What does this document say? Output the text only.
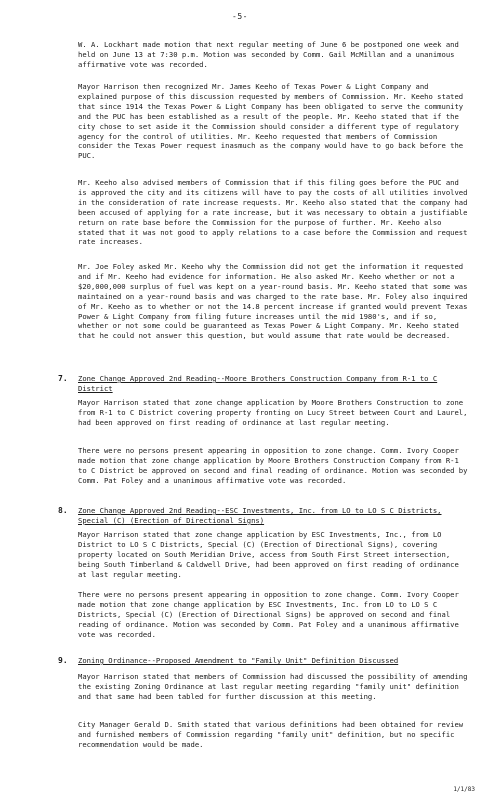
-5-

W. A. Lockhart made motion that next regular meeting of June 6 be postponed one week and held on June 13 at 7:30 p.m. Motion was seconded by Comm. Gail McMillan and a unanimous affirmative vote was recorded.

Mayor Harrison then recognized Mr. James Keeho of Texas Power & Light Company and explained purpose of this discussion requested by members of Commission. Mr. Keeho stated that since 1914 the Texas Power & Light Company has been obligated to serve the community and the PUC has been established as a result of the people. Mr. Keeho stated that if the city chose to set aside it the Commission should consider a different type of regulatory agency for the control of utilities. Mr. Keeho requested that members of Commission consider the Texas Power request inasmuch as the company would have to go back before the PUC.

Mr. Keeho also advised members of Commission that if this filing goes before the PUC and is approved the city and its citizens will have to pay the costs of all utilities involved in the consideration of rate increase requests. Mr. Keeho also stated that the company had been accused of applying for a rate increase, but it was necessary to obtain a justifiable return on rate base before the Commission for the purpose of further. Mr. Keeho also stated that it was not good to apply relations to a case before the Commission and request rate increases.

Mr. Joe Foley asked Mr. Keeho why the Commission did not get the information it requested and if Mr. Keeho had evidence for information. He also asked Mr. Keeho whether or not a $20,000,000 surplus of fuel was kept on a year-round basis. Mr. Keeho stated that some was maintained on a year-round basis and was charged to the rate base. Mr. Foley also inquired of Mr. Keeho as to whether or not the 14.8 percent increase if granted would prevent Texas Power & Light Company from filing future increases until the mid 1980's, and if so, whether or not some could be guaranteed as Texas Power & Light Company. Mr. Keeho stated that he could not answer this question, but would assume that rate would be decreased.

7. Zone Change Approved 2nd Reading--Moore Brothers Construction Company from R-1 to C District

Mayor Harrison stated that zone change application by Moore Brothers Construction to zone from R-1 to C District covering property fronting on Lucy Street between Court and Laurel, had been approved on first reading of ordinance at last regular meeting.

There were no persons present appearing in opposition to zone change. Comm. Ivory Cooper made motion that zone change application by Moore Brothers Construction Company from R-1 to C District be approved on second and final reading of ordinance. Motion was seconded by Comm. Pat Foley and a unanimous affirmative vote was recorded.

8. Zone Change Approved 2nd Reading--ESC Investments, Inc. from LO to LO S C Districts, Special (C) (Erection of Directional Signs)

Mayor Harrison stated that zone change application by ESC Investments, Inc., from LO District to LO S C Districts, Special (C) (Erection of Directional Signs), covering property located on South Meridian Drive, access from South First Street intersection, being South Timberland & Caldwell Drive, had been approved on first reading of ordinance at last regular meeting.

There were no persons present appearing in opposition to zone change. Comm. Ivory Cooper made motion that zone change application by ESC Investments, Inc. from LO to LO S C Districts, Special (C) (Erection of Directional Signs) be approved on second and final reading of ordinance. Motion was seconded by Comm. Pat Foley and a unanimous affirmative vote was recorded.

9. Zoning Ordinance--Proposed Amendment to "Family Unit" Definition Discussed

Mayor Harrison stated that members of Commission had discussed the possibility of amending the existing Zoning Ordinance at last regular meeting regarding "family unit" definition and that same had been tabled for further discussion at this meeting.

City Manager Gerald D. Smith stated that various definitions had been obtained for review and furnished members of Commission regarding "family unit" definition, but no specific recommendation would be made.

1/1/83
